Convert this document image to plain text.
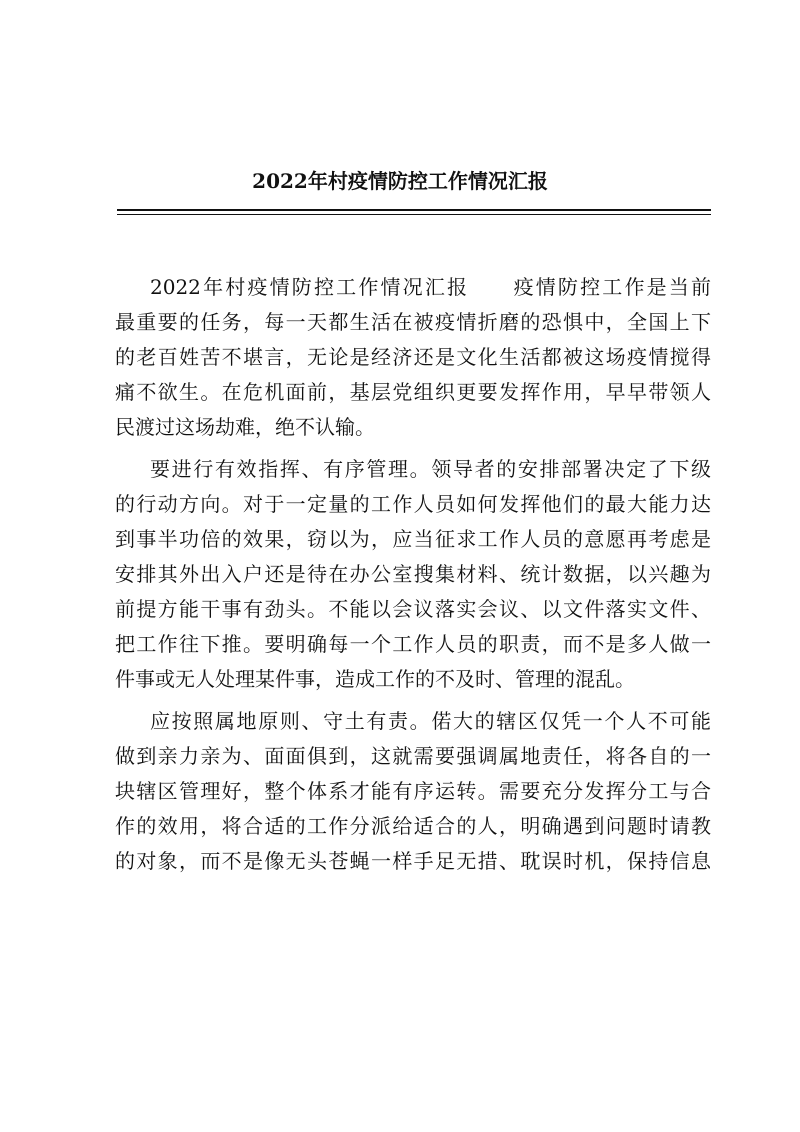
2022年村疫情防控工作情况汇报
2022年村疫情防控工作情况汇报　　疫情防控工作是当前
最重要的任务，每一天都生活在被疫情折磨的恐惧中，全国上下
的老百姓苦不堪言，无论是经济还是文化生活都被这场疫情搅得
痛不欲生。在危机面前，基层党组织更要发挥作用，早早带领人
民渡过这场劫难，绝不认输。
要进行有效指挥、有序管理。领导者的安排部署决定了下级
的行动方向。对于一定量的工作人员如何发挥他们的最大能力达
到事半功倍的效果，窃以为，应当征求工作人员的意愿再考虑是
安排其外出入户还是待在办公室搜集材料、统计数据，以兴趣为
前提方能干事有劲头。不能以会议落实会议、以文件落实文件、
把工作往下推。要明确每一个工作人员的职责，而不是多人做一
件事或无人处理某件事，造成工作的不及时、管理的混乱。
应按照属地原则、守土有责。偌大的辖区仅凭一个人不可能
做到亲力亲为、面面俱到，这就需要强调属地责任，将各自的一
块辖区管理好，整个体系才能有序运转。需要充分发挥分工与合
作的效用，将合适的工作分派给适合的人，明确遇到问题时请教
的对象，而不是像无头苍蝇一样手足无措、耽误时机，保持信息
